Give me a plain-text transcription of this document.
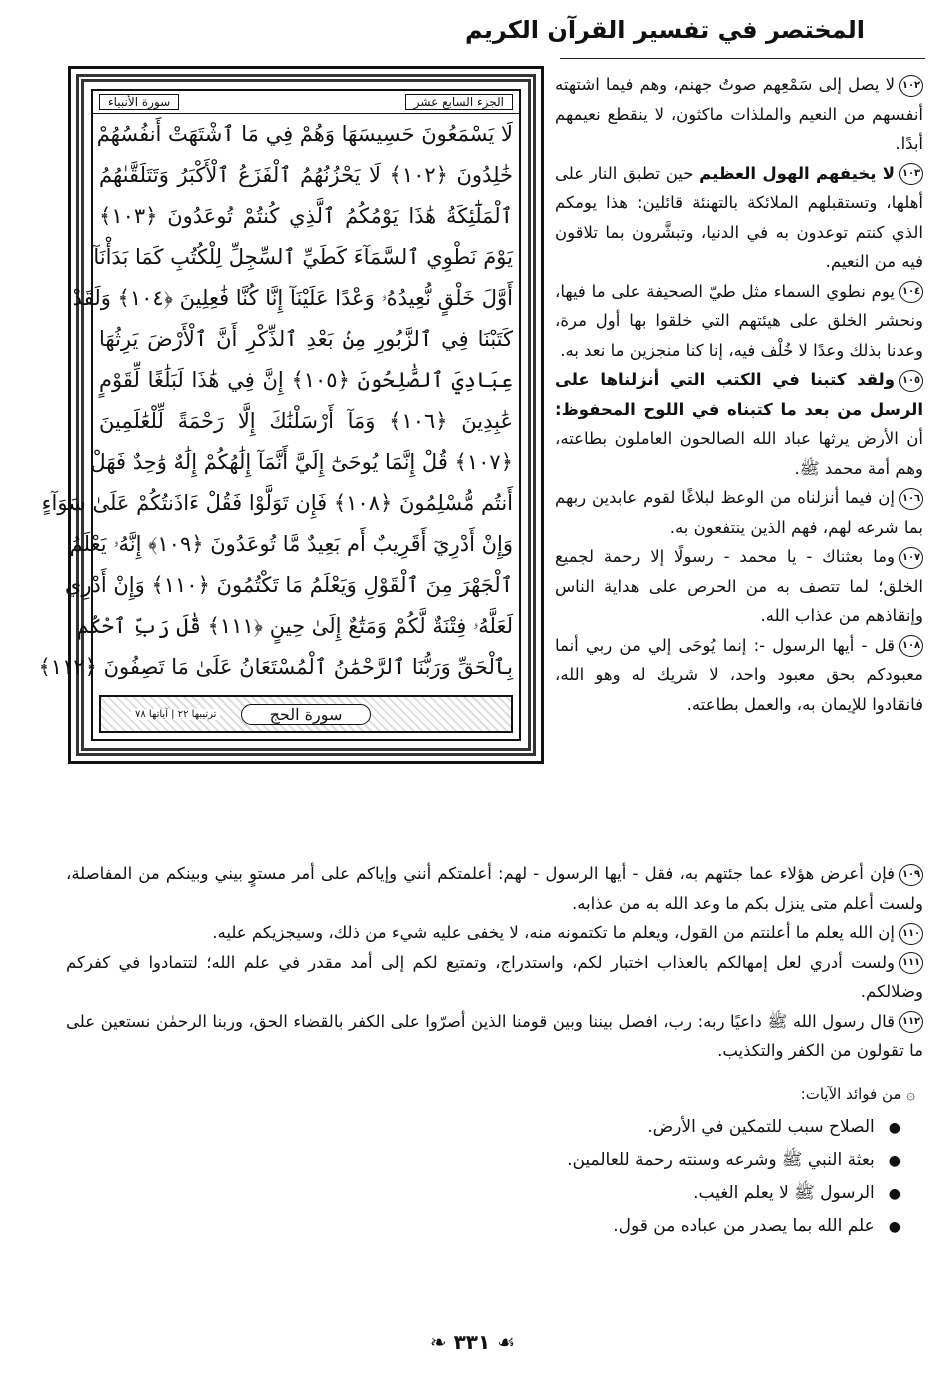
المختصر في تفسير القرآن الكريم
الجزء السابع عشر
سورة الأنبياء
لَا يَسْمَعُونَ حَسِيسَهَا وَهُمْ فِي مَا ٱشْتَهَتْ أَنفُسُهُمْ
خَٰلِدُونَ ﴿١٠٢﴾ لَا يَحْزُنُهُمُ ٱلْفَزَعُ ٱلْأَكْبَرُ وَتَتَلَقَّىٰهُمُ
ٱلْمَلَٰٓئِكَةُ هَٰذَا يَوْمُكُمُ ٱلَّذِي كُنتُمْ تُوعَدُونَ ﴿١٠٣﴾
يَوْمَ نَطْوِي ٱلسَّمَآءَ كَطَيِّ ٱلسِّجِلِّ لِلْكُتُبِ كَمَا بَدَأْنَآ
أَوَّلَ خَلْقٍ نُّعِيدُهُۥ وَعْدًا عَلَيْنَآ إِنَّا كُنَّا فَٰعِلِينَ ﴿١٠٤﴾ وَلَقَدْ
كَتَبْنَا فِي ٱلزَّبُورِ مِنۢ بَعْدِ ٱلذِّكْرِ أَنَّ ٱلْأَرْضَ يَرِثُهَا
عِبَادِيَ ٱلصَّٰلِحُونَ ﴿١٠٥﴾ إِنَّ فِي هَٰذَا لَبَلَٰغًا لِّقَوْمٍ
عَٰبِدِينَ ﴿١٠٦﴾ وَمَآ أَرْسَلْنَٰكَ إِلَّا رَحْمَةً لِّلْعَٰلَمِينَ
﴿١٠٧﴾ قُلْ إِنَّمَا يُوحَىٰٓ إِلَيَّ أَنَّمَآ إِلَٰهُكُمْ إِلَٰهٌ وَٰحِدٌ فَهَلْ
أَنتُم مُّسْلِمُونَ ﴿١٠٨﴾ فَإِن تَوَلَّوْا فَقُلْ ءَاذَنتُكُمْ عَلَىٰ سَوَآءٍ
وَإِنْ أَدْرِيٓ أَقَرِيبٌ أَم بَعِيدٌ مَّا تُوعَدُونَ ﴿١٠٩﴾ إِنَّهُۥ يَعْلَمُ
ٱلْجَهْرَ مِنَ ٱلْقَوْلِ وَيَعْلَمُ مَا تَكْتُمُونَ ﴿١١٠﴾ وَإِنْ أَدْرِي
لَعَلَّهُۥ فِتْنَةٌ لَّكُمْ وَمَتَٰعٌ إِلَىٰ حِينٍ ﴿١١١﴾ قَٰلَ رَبِّ ٱحْكُم
بِٱلْحَقِّ وَرَبُّنَا ٱلرَّحْمَٰنُ ٱلْمُسْتَعَانُ عَلَىٰ مَا تَصِفُونَ ﴿١١٢﴾
سورة الحج
ترتيبها ٢٢ | آياتها ٧٨

١٠٢لا يصل إلى سَمْعِهم صوتُ جهنم، وهم فيما اشتهته أنفسهم من النعيم والملذات ماكثون، لا ينقطع نعيمهم أبدًا.

١٠٣لا يخيفهم الهول العظيم حين تطبق النار على أهلها، وتستقبلهم الملائكة بالتهنئة قائلين: هذا يومكم الذي كنتم توعدون به في الدنيا، وتبشَّرون بما تلاقون فيه من النعيم.

١٠٤يوم نطوي السماء مثل طيّ الصحيفة على ما فيها، ونحشر الخلق على هيئتهم التي خلقوا بها أول مرة، وعدنا بذلك وعدًا لا خُلْف فيه، إنا كنا منجزين ما نعد به.

١٠٥ولقد كتبنا في الكتب التي أنزلناها على الرسل من بعد ما كتبناه في اللوح المحفوظ: أن الأرض يرثها عباد الله الصالحون العاملون بطاعته، وهم أمة محمد ﷺ.

١٠٦إن فيما أنزلناه من الوعظ لبلاغًا لقوم عابدين ربهم بما شرعه لهم، فهم الذين ينتفعون به.

١٠٧وما بعثناك - يا محمد - رسولًا إلا رحمة لجميع الخلق؛ لما تتصف به من الحرص على هداية الناس وإنقاذهم من عذاب الله.

١٠٨قل - أيها الرسول -: إنما يُوحَى إلي من ربي أنما معبودكم بحق معبود واحد، لا شريك له وهو الله، فانقادوا للإيمان به، والعمل بطاعته.

١٠٩فإن أعرض هؤلاء عما جئتهم به، فقل - أيها الرسول - لهم: أعلمتكم أنني وإياكم على أمر مستوٍ بيني وبينكم من المفاصلة، ولست أعلم متى ينزل بكم ما وعد الله به من عذابه.

١١٠إن الله يعلم ما أعلنتم من القول، ويعلم ما تكتمونه منه، لا يخفى عليه شيء من ذلك، وسيجزيكم عليه.

١١١ولست أدري لعل إمهالكم بالعذاب اختبار لكم، واستدراج، وتمتيع لكم إلى أمد مقدر في علم الله؛ لتتمادوا في كفركم وضلالكم.

١١٢قال رسول الله ﷺ داعيًا ربه: رب، افصل بيننا وبين قومنا الذين أصرّوا على الكفر بالقضاء الحق، وربنا الرحمٰن نستعين على ما تقولون من الكفر والتكذيب.

۞ من فوائد الآيات:
● الصلاح سبب للتمكين في الأرض.
● بعثة النبي ﷺ وشرعه وسنته رحمة للعالمين.
● الرسول ﷺ لا يعلم الغيب.
● علم الله بما يصدر من عباده من قول.
❧ ٣٣١ ☙
